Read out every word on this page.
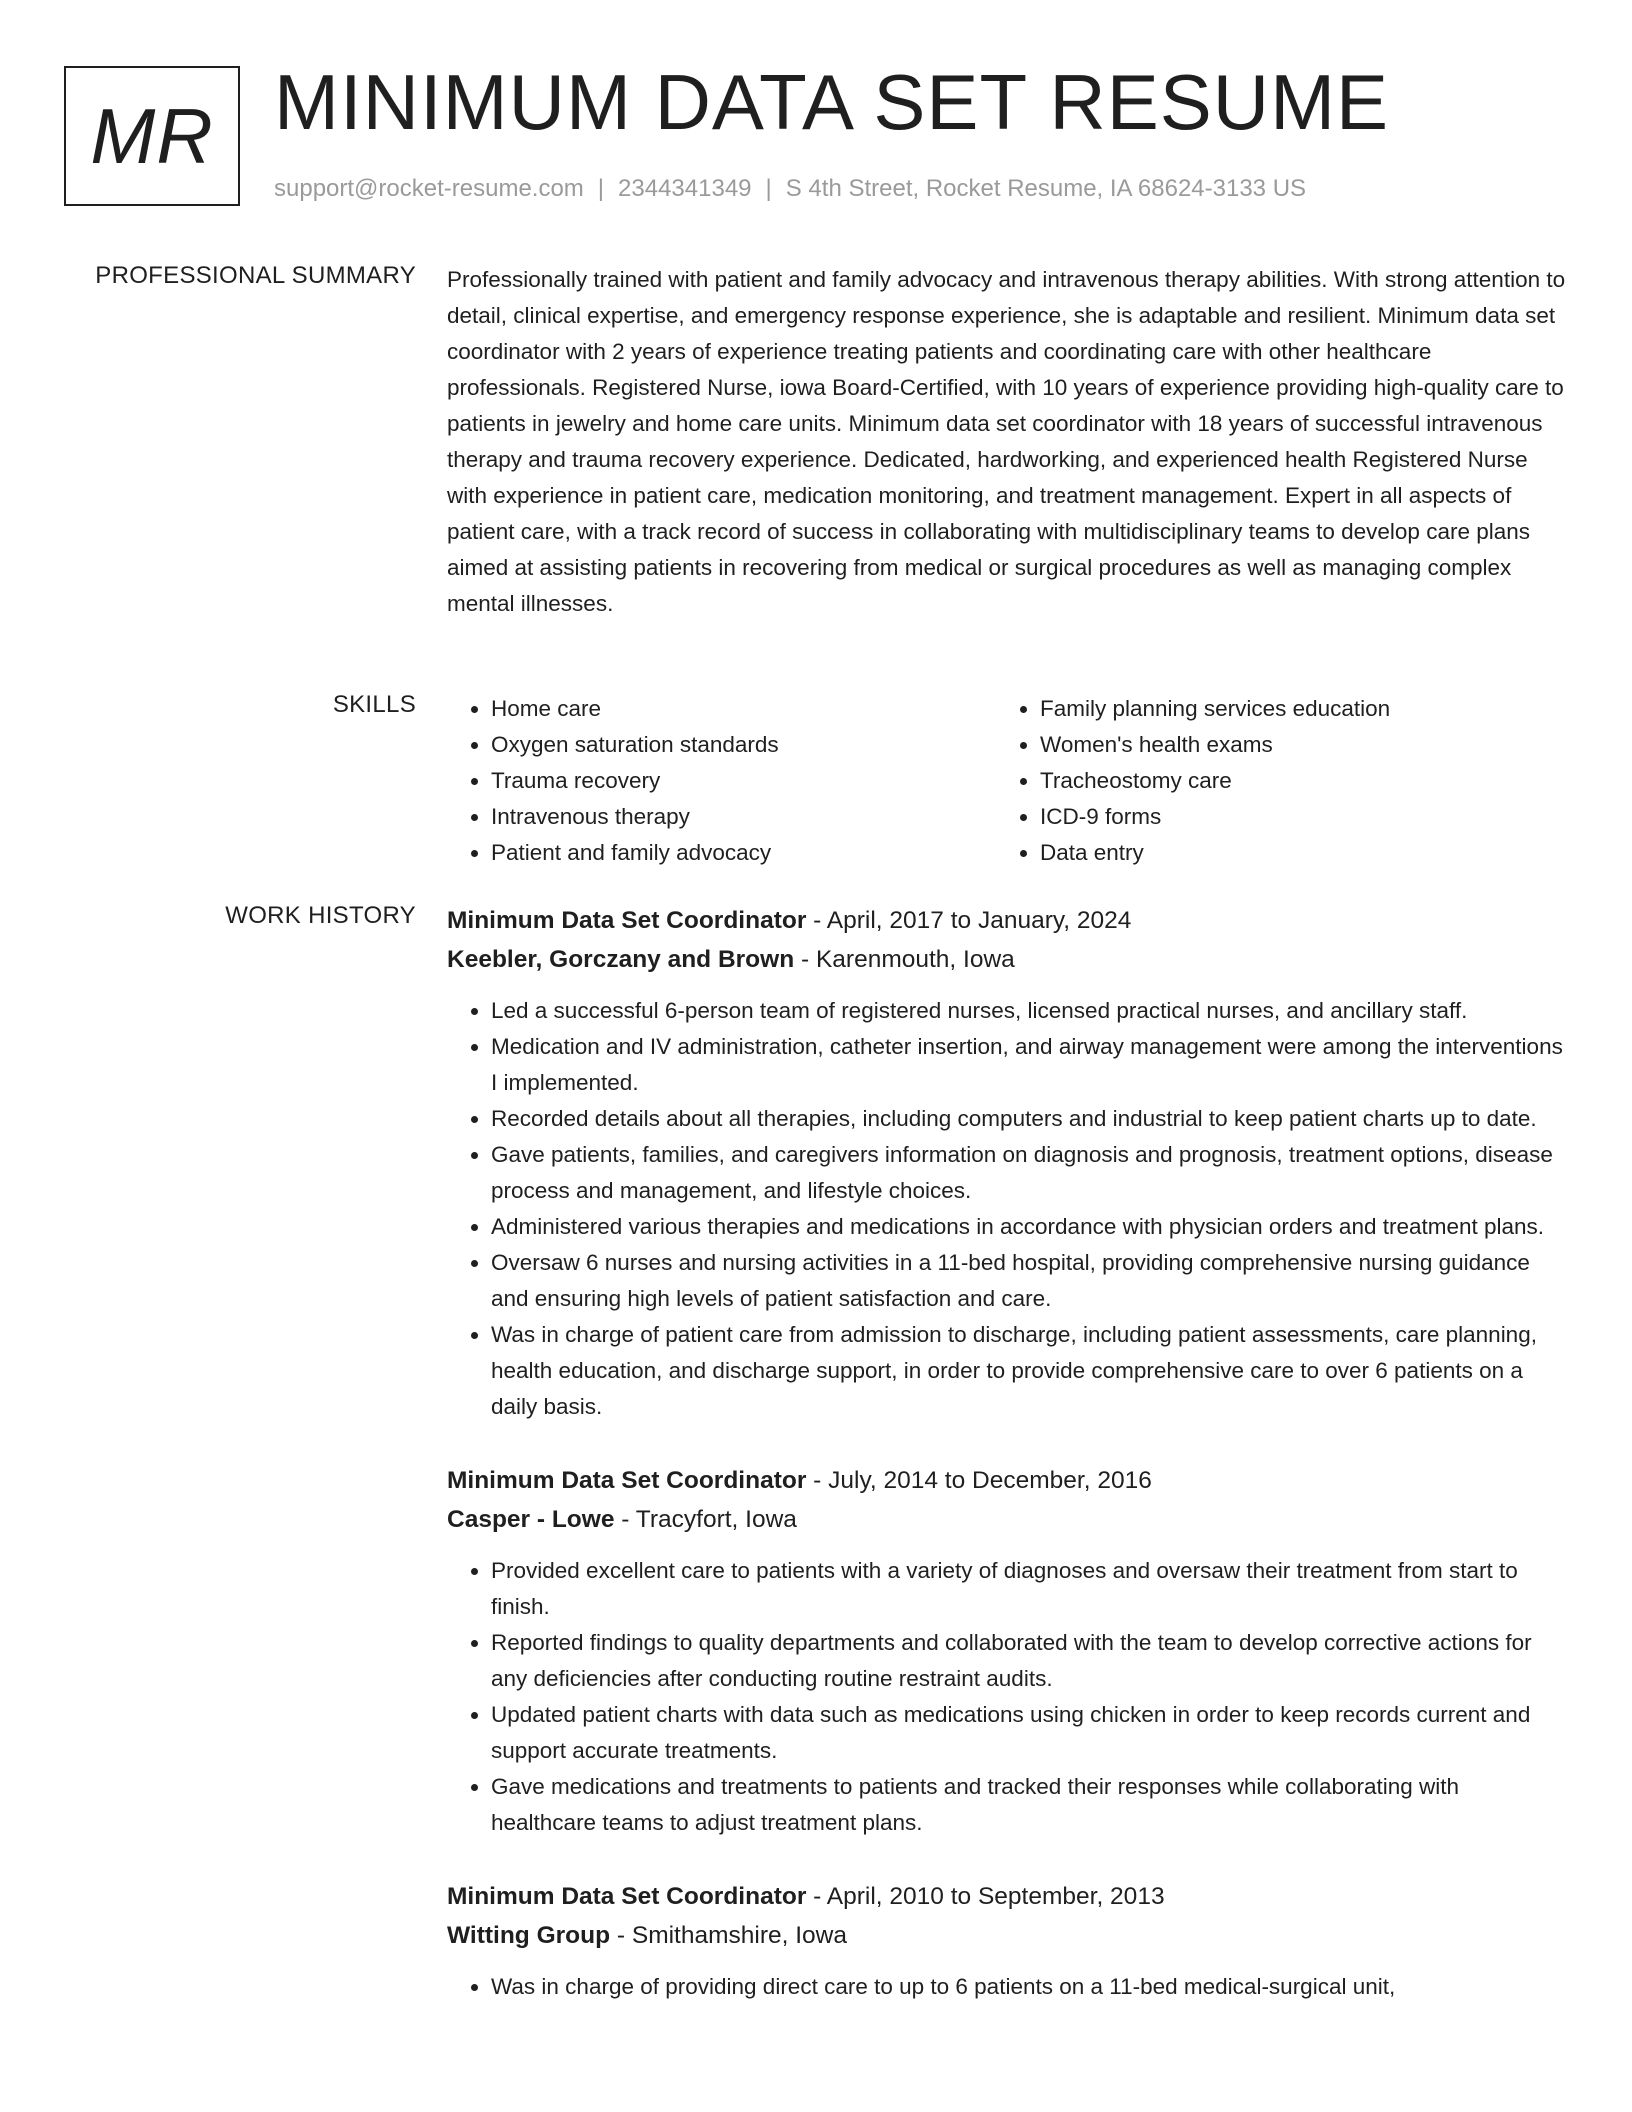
MR MINIMUM DATA SET RESUME
support@rocket-resume.com | 2344341349 | S 4th Street, Rocket Resume, IA 68624-3133 US
PROFESSIONAL SUMMARY Professionally trained with patient and family advocacy and intravenous therapy abilities. With strong attention to detail, clinical expertise, and emergency response experience, she is adaptable and resilient. Minimum data set coordinator with 2 years of experience treating patients and coordinating care with other healthcare professionals. Registered Nurse, iowa Board-Certified, with 10 years of experience providing high-quality care to patients in jewelry and home care units. Minimum data set coordinator with 18 years of successful intravenous therapy and trauma recovery experience. Dedicated, hardworking, and experienced health Registered Nurse with experience in patient care, medication monitoring, and treatment management. Expert in all aspects of patient care, with a track record of success in collaborating with multidisciplinary teams to develop care plans aimed at assisting patients in recovering from medical or surgical procedures as well as managing complex mental illnesses.

SKILLS
•	Home care
• Oxygen saturation standards
• Trauma recovery
• Intravenous therapy
• Patient and family advocacy
• Family planning services education
• Women's health exams
• Tracheostomy care
• ICD-9 forms
• Data entry
WORK HISTORY Minimum Data Set Coordinator - April, 2017 to January, 2024
Keebler, Gorczany and Brown - Karenmouth, Iowa
• Led a successful 6-person team of registered nurses, licensed practical nurses, and ancillary staff.
• Medication and IV administration, catheter insertion, and airway management were among the interventions I implemented.
• Recorded details about all therapies, including computers and industrial to keep patient charts up to date.
• Gave patients, families, and caregivers information on diagnosis and prognosis, treatment options, disease process and management, and lifestyle choices.
• Administered various therapies and medications in accordance with physician orders and treatment plans.
• Oversaw 6 nurses and nursing activities in a 11-bed hospital, providing comprehensive nursing guidance and ensuring high levels of patient satisfaction and care.
• Was in charge of patient care from admission to discharge, including patient assessments, care planning, health education, and discharge support, in order to provide comprehensive care to over 6 patients on a daily basis.
Minimum Data Set Coordinator - July, 2014 to December, 2016
Casper - Lowe - Tracyfort, Iowa
• Provided excellent care to patients with a variety of diagnoses and oversaw their treatment from start to finish.
• Reported findings to quality departments and collaborated with the team to develop corrective actions for any deficiencies after conducting routine restraint audits.
• Updated patient charts with data such as medications using chicken in order to keep records current and support accurate treatments.
• Gave medications and treatments to patients and tracked their responses while collaborating with healthcare teams to adjust treatment plans.
Minimum Data Set Coordinator - April, 2010 to September, 2013
Witting Group - Smithamshire, Iowa
• Was in charge of providing direct care to up to 6 patients on a 11-bed medical-surgical unit,
